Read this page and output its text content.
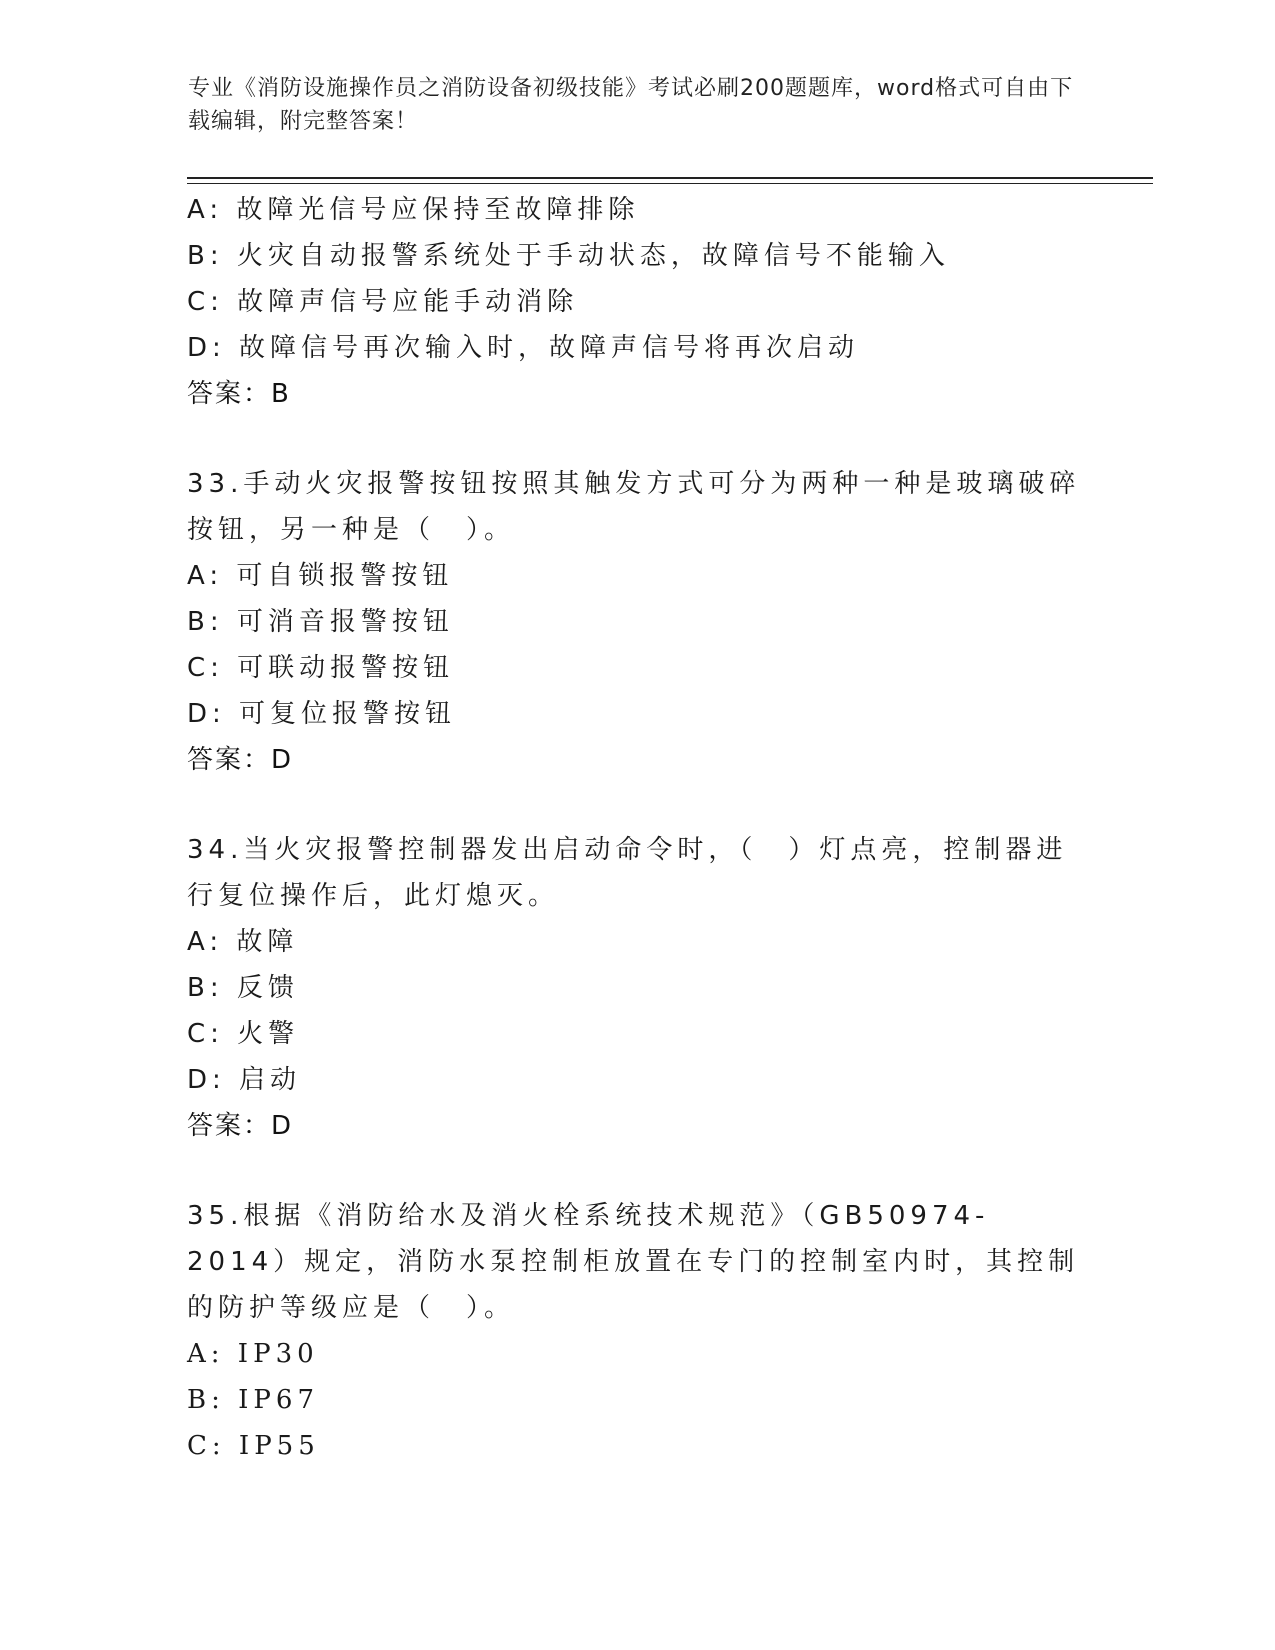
专业《消防设施操作员之消防设备初级技能》考试必刷200题题库，word格式可自由下载编辑，附完整答案！
A: 故障光信号应保持至故障排除
B: 火灾自动报警系统处于手动状态，故障信号不能输入
C: 故障声信号应能手动消除
D: 故障信号再次输入时，故障声信号将再次启动
答案：B
33.手动火灾报警按钮按照其触发方式可分为两种一种是玻璃破碎按钮，另一种是（　）。
A: 可自锁报警按钮
B: 可消音报警按钮
C: 可联动报警按钮
D: 可复位报警按钮
答案：D
34.当火灾报警控制器发出启动命令时，（　）灯点亮，控制器进行复位操作后，此灯熄灭。
A: 故障
B: 反馈
C: 火警
D: 启动
答案：D
35.根据《消防给水及消火栓系统技术规范》（GB50974-2014）规定，消防水泵控制柜放置在专门的控制室内时，其控制的防护等级应是（　）。
A: IP30
B: IP67
C: IP55
